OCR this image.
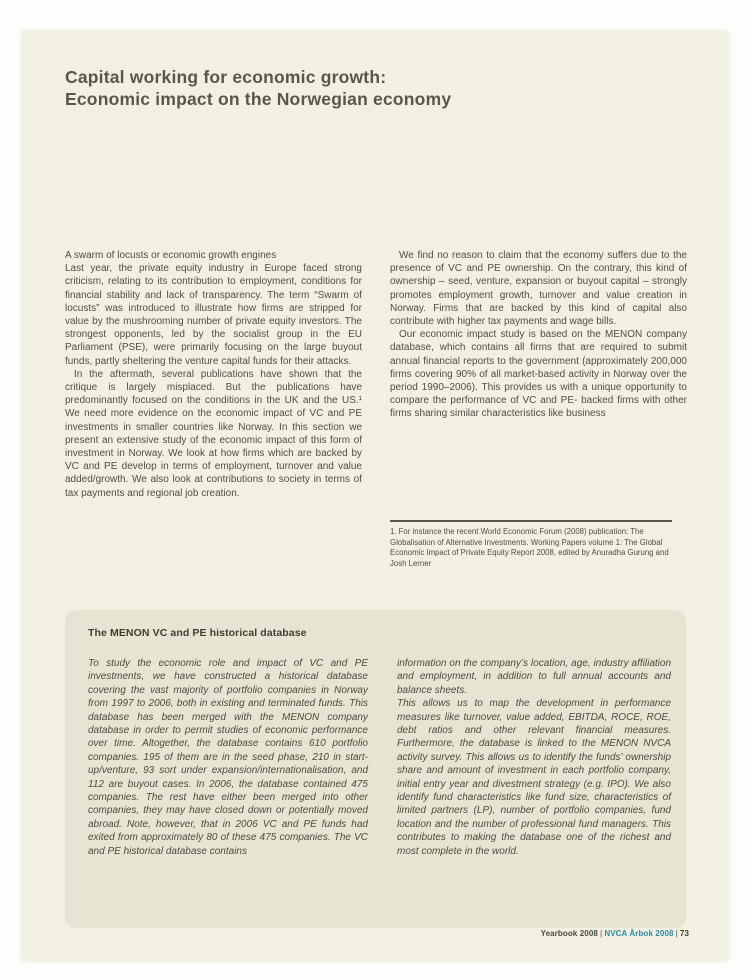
Capital working for economic growth:
Economic impact on the Norwegian economy

A swarm of locusts or economic growth engines

Last year, the private equity industry in Europe faced strong criticism, relating to its contribution to employment, conditions for financial stability and lack of transparency. The term “Swarm of locusts” was introduced to illustrate how firms are stripped for value by the mushrooming number of private equity investors. The strongest opponents, led by the socialist group in the EU Parliament (PSE), were primarily focusing on the large buyout funds, partly sheltering the venture capital funds for their attacks.

In the aftermath, several publications have shown that the critique is largely misplaced. But the publications have predominantly focused on the conditions in the UK and the US.¹ We need more evidence on the economic impact of VC and PE investments in smaller countries like Norway. In this section we present an extensive study of the economic impact of this form of investment in Norway. We look at how firms which are backed by VC and PE develop in terms of employment, turnover and value added/growth. We also look at contributions to society in terms of tax payments and regional job creation.

We find no reason to claim that the economy suffers due to the presence of VC and PE ownership. On the contrary, this kind of ownership – seed, venture, expansion or buyout capital – strongly promotes employment growth, turnover and value creation in Norway. Firms that are backed by this kind of capital also contribute with higher tax payments and wage bills.

Our economic impact study is based on the MENON company database, which contains all firms that are required to submit annual financial reports to the government (approximately 200,000 firms covering 90% of all market-based activity in Norway over the period 1990–2006). This provides us with a unique opportunity to compare the performance of VC and PE- backed firms with other firms sharing similar characteristics like business

1. For instance the recent World Economic Forum (2008) publication: The Globalisation of Alternative Investments. Working Papers volume 1: The Global Economic Impact of Private Equity Report 2008, edited by Anuradha Gurung and Josh Lerner
The MENON VC and PE historical database

To study the economic role and impact of VC and PE investments, we have constructed a historical database covering the vast majority of portfolio companies in Norway from 1997 to 2006, both in existing and terminated funds. This database has been merged with the MENON company database in order to permit studies of economic performance over time. Altogether, the database contains 610 portfolio companies. 195 of them are in the seed phase, 210 in start-up/venture, 93 sort under expansion/internationalisation, and 112 are buyout cases. In 2006, the database contained 475 companies. The rest have either been merged into other companies, they may have closed down or potentially moved abroad. Note, however, that in 2006 VC and PE funds had exited from approximately 80 of these 475 companies. The VC and PE historical database contains

information on the company’s location, age, industry affiliation and employment, in addition to full annual accounts and balance sheets.

This allows us to map the development in performance measures like turnover, value added, EBITDA, ROCE, ROE, debt ratios and other relevant financial measures. Furthermore, the database is linked to the MENON NVCA activity survey. This allows us to identify the funds’ ownership share and amount of investment in each portfolio company, initial entry year and divestment strategy (e.g. IPO). We also identify fund characteristics like fund size, characteristics of limited partners (LP), number of portfolio companies, fund location and the number of professional fund managers. This contributes to making the database one of the richest and most complete in the world.

Yearbook 2008 | NVCA Årbok 2008 | 73
